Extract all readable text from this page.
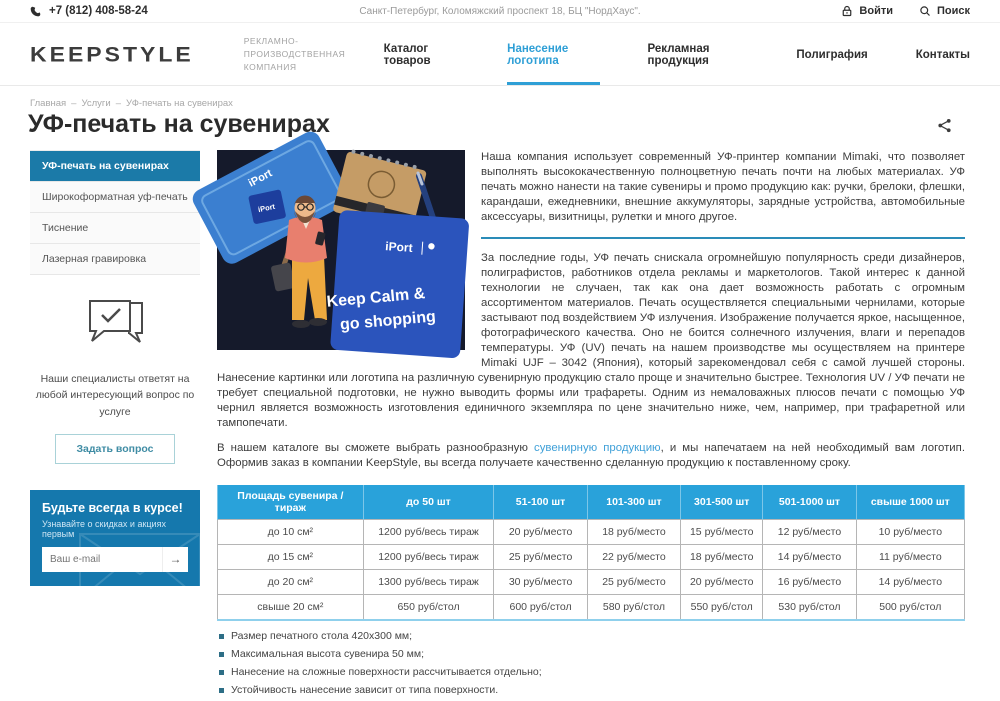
+7 (812) 408-58-24	Санкт-Петербург, Коломяжский проспект 18, БЦ "НордХаус".	Войти	Поиск
KEEPSTYLE
РЕКЛАМНО-ПРОИЗВОДСТВЕННАЯ
КОМПАНИЯ
Каталог товаров
Нанесение логотипа
Рекламная продукция	Полиграфия	Контакты
Главная – Услуги – УФ-печать на сувенирах
УФ-печать на сувенирах
УФ-печать на сувенирах
Широкоформатная уф-печать
Тиснение
Лазерная гравировка
Наши специалисты ответят на любой интересующий вопрос по услуге
Задать вопрос
Будьте всегда в курсе!
Узнавайте о скидках и акциях первым
Ваш e-mail
→
iPort
iPort
iPort
Keep Calm &
go shopping

Наша компания использует современный УФ-принтер компании Mimaki, что позволяет выполнять высококачественную полноцветную печать почти на любых материалах. УФ печать можно нанести на такие сувениры и промо продукцию как: ручки, брелоки, флешки, карандаши, ежедневники, внешние аккумуляторы, зарядные устройства, автомобильные аксессуары, визитницы, рулетки и много другое.

За последние годы, УФ печать снискала огромнейшую популярность среди дизайнеров, полиграфистов, работников отдела рекламы и маркетологов. Такой интерес к данной технологии не случаен, так как она дает возможность работать с огромным ассортиментом материалов. Печать осуществляется специальными чернилами, которые застывают под воздействием УФ излучения. Изображение получается яркое, насыщенное, фотографического качества. Оно не боится солнечного излучения, влаги и перепадов температуры. УФ (UV) печать на нашем производстве мы осуществляем на принтере Mimaki UJF – 3042 (Япония), который зарекомендовал себя с самой лучшей стороны. Нанесение картинки или логотипа на различную сувенирную продукцию стало проще и значительно быстрее. Технология UV / УФ печати не требует специальной подготовки, не нужно выводить формы или трафареты. Одним из немаловажных плюсов печати с помощью УФ чернил является возможность изготовления единичного экземпляра по цене значительно ниже, чем, например, при трафаретной или тампопечати.

В нашем каталоге вы сможете выбрать разнообразную сувенирную продукцию, и мы напечатаем на ней необходимый вам логотип. Оформив заказ в компании KeepStyle, вы всегда получаете качественно сделанную продукцию к поставленному сроку.

Площадь сувенира / тираж	до 50 шт	51-100 шт	101-300 шт	301-500 шт	501-1000 шт	свыше 1000 шт
до 10 см²	1200 руб/весь тираж	20 руб/место	18 руб/место	15 руб/место	12 руб/место	10 руб/место
до 15 см²	1200 руб/весь тираж	25 руб/место	22 руб/место	18 руб/место	14 руб/место	11 руб/место
до 20 см²	1300 руб/весь тираж	30 руб/место	25 руб/место	20 руб/место	16 руб/место	14 руб/место
свыше 20 см²	650 руб/стол	600 руб/стол	580 руб/стол	550 руб/стол	530 руб/стол	500 руб/стол
Размер печатного стола 420x300 мм;
Максимальная высота сувенира 50 мм;
Нанесение на сложные поверхности рассчитывается отдельно;
Устойчивость нанесение зависит от типа поверхности.
